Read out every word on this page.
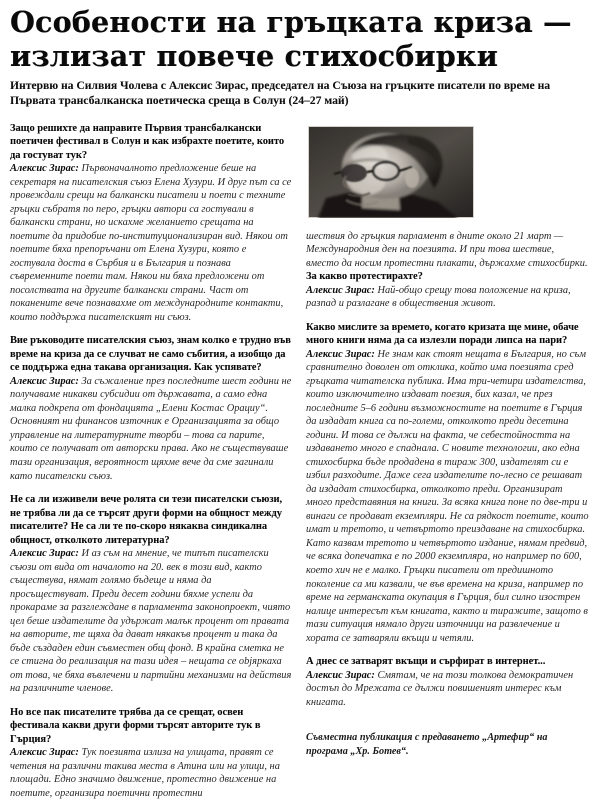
Особености на гръцката криза — излизат повече стихосбирки

Интервю на Силвия Чолева с Алексис Зирас, председател на Съюза на гръцките писатели по време на Първата трансбалканска поетическа среща в Солун (24–27 май)

Защо решихте да направите Първия трансбалкански поетичен фестивал в Солун и как избрахте поетите, които да гостуват тук?

Алексис Зирас: Първоначалното предложение беше на секретаря на писателския съюз Елена Хузури. И друг път са се провеждали срещи на балкански писатели и поети с техните гръцки събратя по перо, гръцки автори са гостували в балкански страни, но искахме желанието срещата на поетите да придобие по-институционализиран вид. Някои от поетите бяха препоръчани от Елена Хузури, която е гостувала доста в Сърбия и в България и познава съвременните поети там. Някои ни бяха предложени от посолствата на другите балкански страни. Част от поканените вече познавахме от международните контакти, които поддържа писателският ни съюз.

Вие ръководите писателския съюз, знам колко е трудно във време на криза да се случват не само събития, а изобщо да се поддържа една такава организация. Как успявате?

Алексис Зирас: За съжаление през последните шест години не получаваме никакви субсидии от държавата, а само една малка подкрепа от фондацията „Елени Костас Орациу“. Основният ни финансов източник е Организацията за общо управление на литературните творби – това са парите, които се получават от авторски права. Ако не съществуваше тази организация, вероятност щяхме вече да сме загинали като писателски съюз.

Не са ли изживели вече ролята си тези писателски съюзи, не трябва ли да се търсят други форми на общност между писателите? Не са ли те по-скоро някаква синдикална общност, отколкото литературна?

Алексис Зирас: И аз съм на мнение, че типът писателски съюзи от вида от началото на 20. век в този вид, както съществува, нямат голямо бъдеще и няма да просъществуват. Преди десет години бяхме успели да прокараме за разглеждане в парламента законопроект, чиято цел беше издателите да удържат малък процент от правата на авторите, те щяха да дават някакъв процент и така да бъде създаден един съвместен общ фонд. В крайна сметка не се стигна до реализация на тази идея – нещата се objяркаха от това, че бяха въвлечени и партийни механизми на действия на различните членове.

Но все пак писателите трябва да се срещат, освен фестивала какви други форми търсят авторите тук в Гърция?

Алексис Зирас: Тук поезията излиза на улицата, правят се четения на различни такива места в Атина или на улици, на площади. Едно значимо движение, протестно движение на поетите, организира поетични протестни

шествия до гръцкия парламент в дните около 21 март — Международния ден на поезията. И при това шествие, вместо да носим протестни плакати, държахме стихосбирки.

За какво протестирахте?

Алексис Зирас: Най-общо срещу това положение на криза, разпад и разлагане в обществения живот.

Какво мислите за времето, когато кризата ще мине, обаче много книги няма да са излезли поради липса на пари?

Алексис Зирас: Не знам как стоят нещата в България, но съм сравнително доволен от отклика, който има поезията сред гръцката читателска публика. Има три-четири издателства, които изключително издават поезия, бих казал, че през последните 5–6 години възможностите на поетите в Гърция да издадат книга са по-големи, отколкото преди десетина години. И това се дължи на факта, че себестойността на издаването много е спаднала. С новите технологии, ако една стихосбирка бъде продадена в тираж 300, издателят си е избил разходите. Даже сега издателите по-лесно се решават да издадат стихосбирка, отколкото преди. Организират много представяния на книги. За всяка книга поне по две-три и винаги се продават екземпляри. Не са рядкост поетите, които имат и третото, и четвъртото преиздаване на стихосбирка. Като казвам третото и четвъртото издание, нямам предвид, че всяка допечатка е по 2000 екземпляра, но например по 600, което хич не е малко. Гръцки писатели от предишното поколение са ми казвали, че във времена на криза, например по време на германската окупация в Гърция, бил силно изострен налице интересът към книгата, както и тиражите, защото в тази ситуация нямало други източници на развлечение и хората се затваряли вкъщи и четяли.

А днес се затварят вкъщи и сърфират в интернет...

Алексис Зирас: Смятам, че на този толкова демократичен достъп до Мрежата се дължи повишеният интерес към книгата.

Съвместна публикация с предаването „Артефир“ на програма „Хр. Ботев“.
